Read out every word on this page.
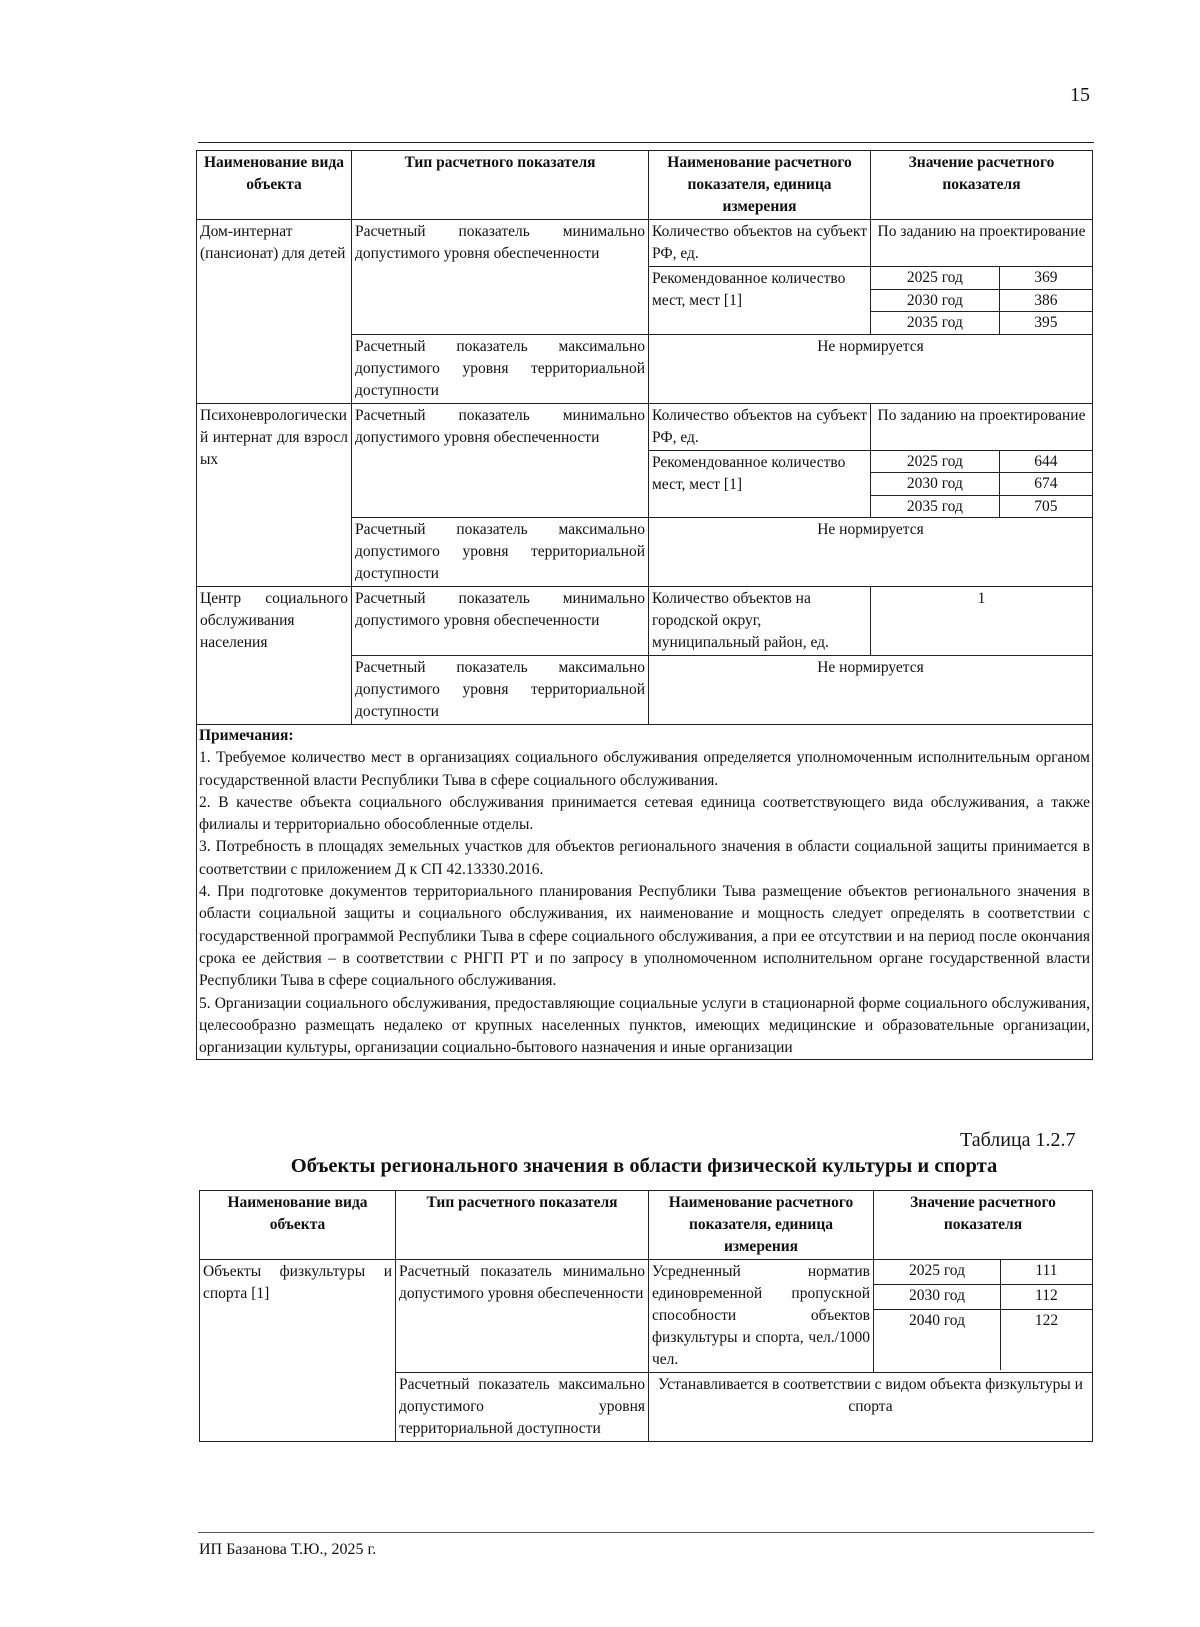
15
Наименование вида объекта	Тип расчетного показателя	Наименование расчетного показателя, единица измерения	Значение расчетного показателя
Дом-интернат (пансионат) для детей	Расчетный показатель минимально допустимого уровня обеспеченности	Количество объектов на субъект РФ, ед.	По заданию на проектирование
Рекомендованное количество мест, мест [1]	
2025 год	369
2030 год	386
2035 год	395

Расчетный показатель максимально допустимого уровня территориальной доступности	Не нормируется
Психоневрологический интернат для взрослых	Расчетный показатель минимально допустимого уровня обеспеченности	Количество объектов на субъект РФ, ед.	По заданию на проектирование
Рекомендованное количество мест, мест [1]	
2025 год	644
2030 год	674
2035 год	705

Расчетный показатель максимально допустимого уровня территориальной доступности	Не нормируется
Центр социального обслуживания населения	Расчетный показатель минимально допустимого уровня обеспеченности	Количество объектов на городской округ, муниципальный район, ед.	1
Расчетный показатель максимально допустимого уровня территориальной доступности	Не нормируется

Примечания:

1. Требуемое количество мест в организациях социального обслуживания определяется уполномоченным исполнительным органом государственной власти Республики Тыва в сфере социального обслуживания.

2. В качестве объекта социального обслуживания принимается сетевая единица соответствующего вида обслуживания, а также филиалы и территориально обособленные отделы.

3. Потребность в площадях земельных участков для объектов регионального значения в области социальной защиты принимается в соответствии с приложением Д к СП 42.13330.2016.

4. При подготовке документов территориального планирования Республики Тыва размещение объектов регионального значения в области социальной защиты и социального обслуживания, их наименование и мощность следует определять в соответствии с государственной программой Республики Тыва в сфере социального обслуживания, а при ее отсутствии и на период после окончания срока ее действия – в соответствии с РНГП РТ и по запросу в уполномоченном исполнительном органе государственной власти Республики Тыва в сфере социального обслуживания.

5. Организации социального обслуживания, предоставляющие социальные услуги в стационарной форме социального обслуживания, целесообразно размещать недалеко от крупных населенных пунктов, имеющих медицинские и образовательные организации, организации культуры, организации социально-бытового назначения и иные организации

Таблица 1.2.7
Объекты регионального значения в области физической культуры и спорта
Наименование вида объекта	Тип расчетного показателя	Наименование расчетного показателя, единица измерения	Значение расчетного показателя
Объекты физкультуры и спорта [1]	Расчетный показатель минимально допустимого уровня обеспеченности	Усредненный норматив единовременной пропускной способности объектов физкультуры и спорта, чел./1000 чел.	
2025 год	111
2030 год	112
2040 год	122

Расчетный показатель максимально допустимого уровня территориальной доступности	Устанавливается в соответствии с видом объекта физкультуры и спорта
ИП Базанова Т.Ю., 2025 г.
